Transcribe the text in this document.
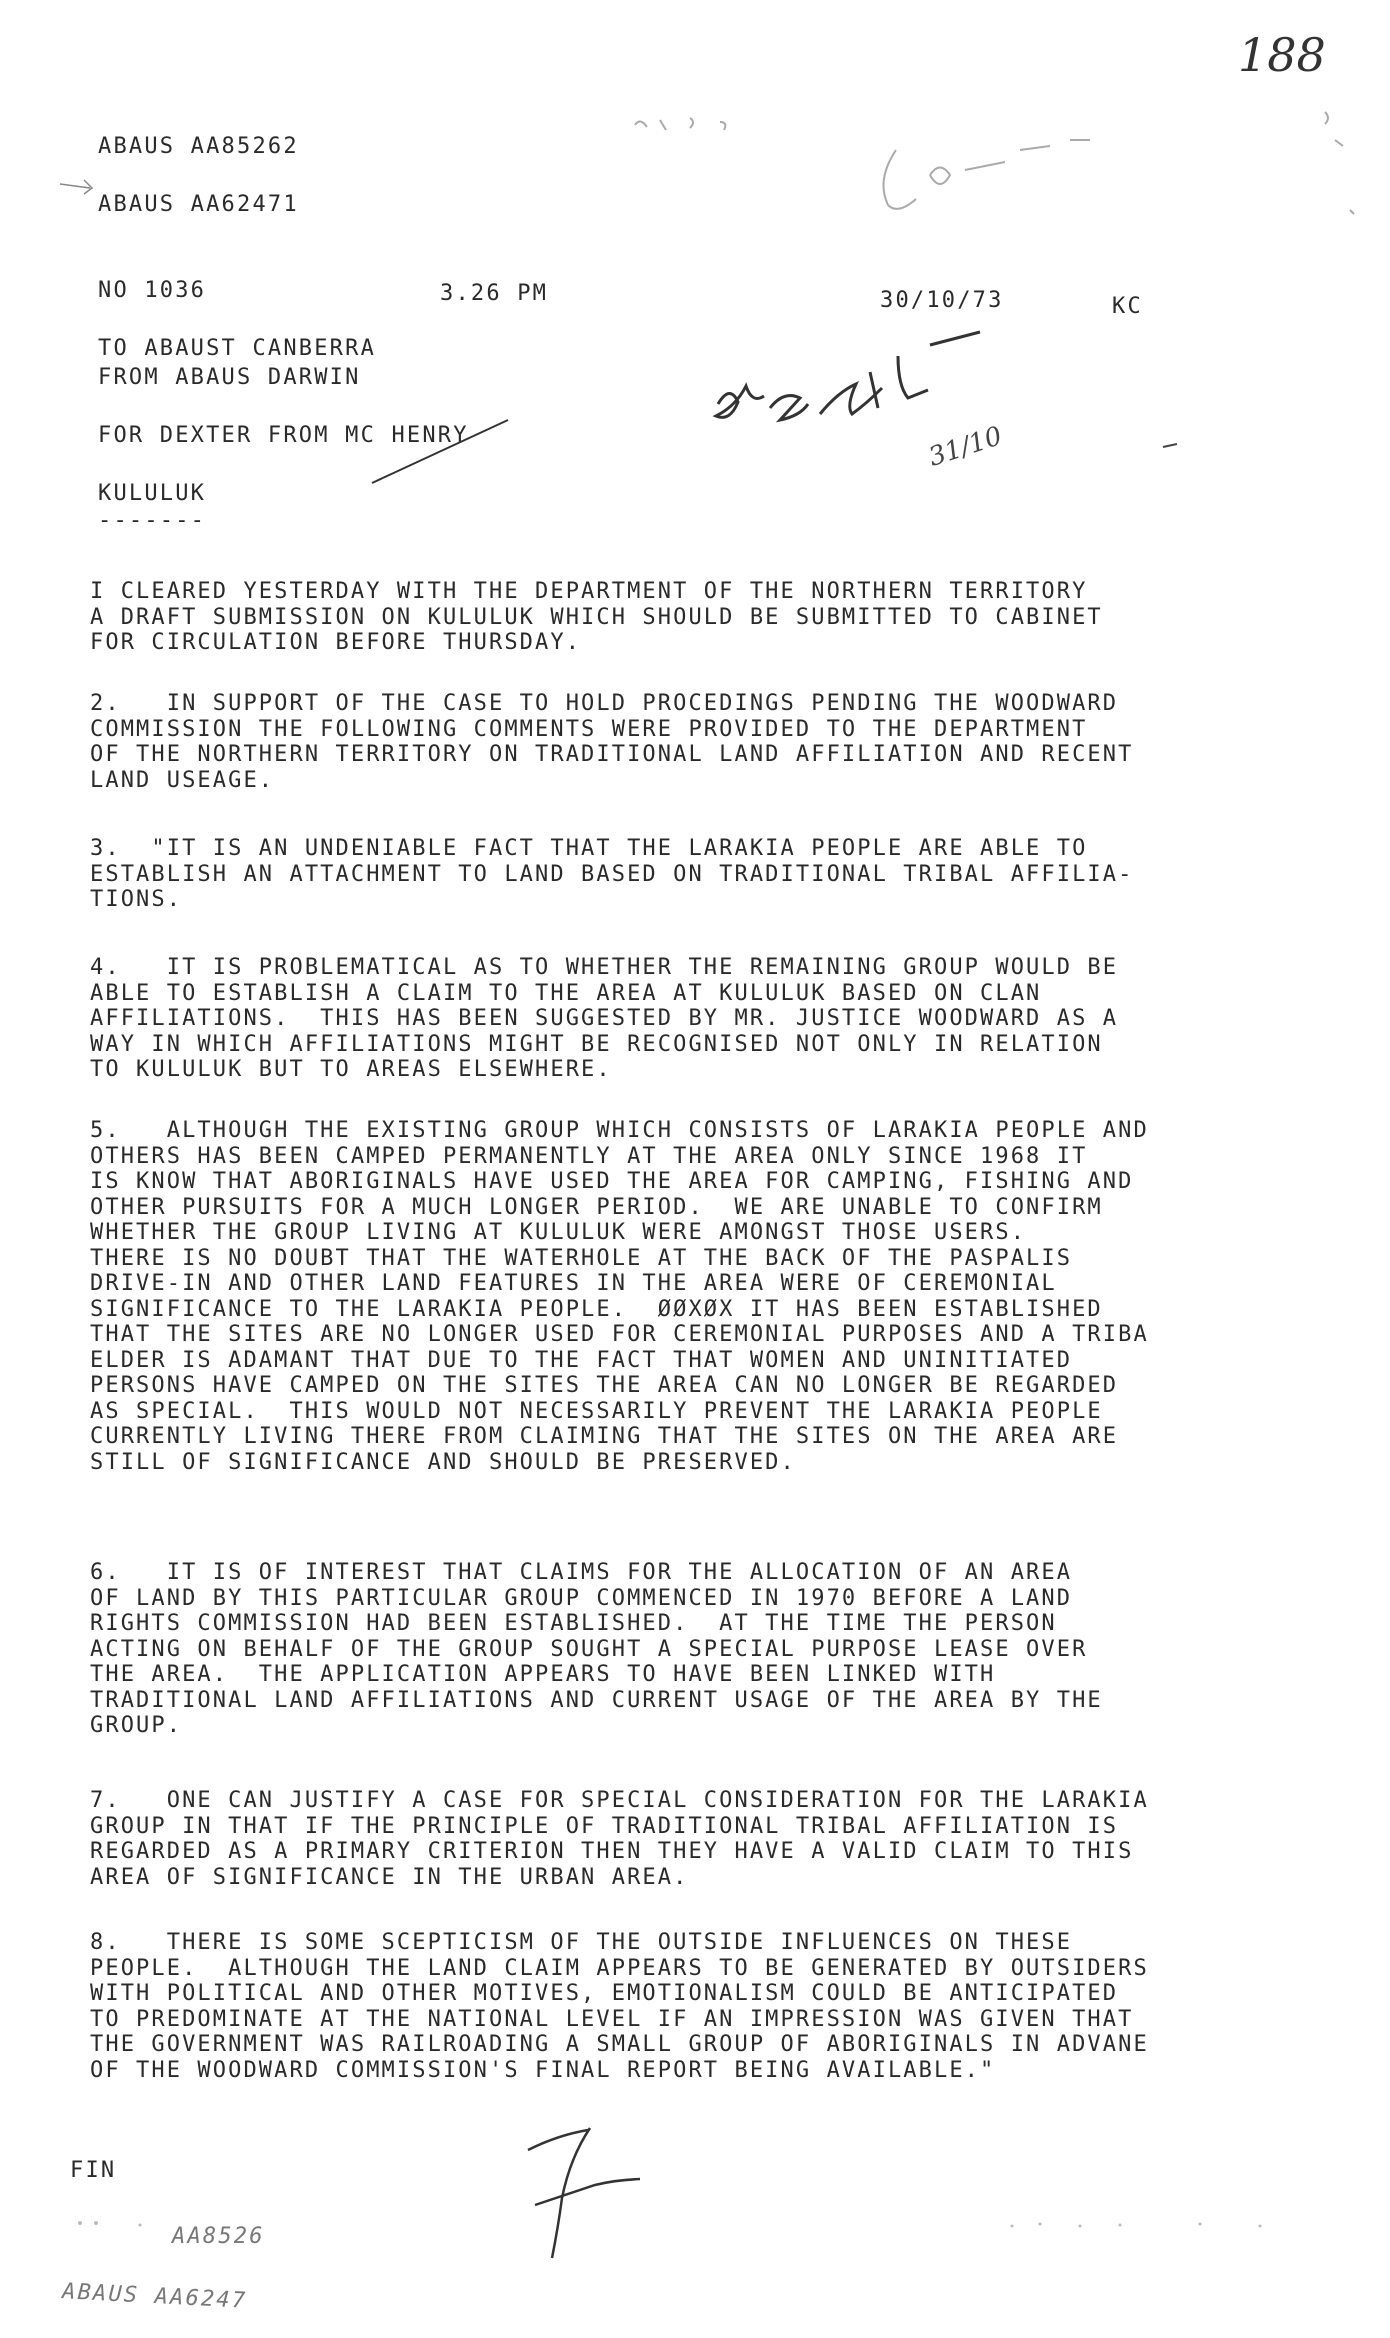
188
ABAUS AA85262
ABAUS AA62471
NO 1036	3.26 PM	30/10/73	KC
TO ABAUST CANBERRA
FROM ABAUS DARWIN
FOR DEXTER FROM MC HENRY
KULULUK
-------
31/10

I CLEARED YESTERDAY WITH THE DEPARTMENT OF THE NORTHERN TERRITORY
A DRAFT SUBMISSION ON KULULUK WHICH SHOULD BE SUBMITTED TO CABINET
FOR CIRCULATION BEFORE THURSDAY.

2.   IN SUPPORT OF THE CASE TO HOLD PROCEDINGS PENDING THE WOODWARD
COMMISSION THE FOLLOWING COMMENTS WERE PROVIDED TO THE DEPARTMENT
OF THE NORTHERN TERRITORY ON TRADITIONAL LAND AFFILIATION AND RECENT
LAND USEAGE.

3.  "IT IS AN UNDENIABLE FACT THAT THE LARAKIA PEOPLE ARE ABLE TO
ESTABLISH AN ATTACHMENT TO LAND BASED ON TRADITIONAL TRIBAL AFFILIA-
TIONS.

4.   IT IS PROBLEMATICAL AS TO WHETHER THE REMAINING GROUP WOULD BE
ABLE TO ESTABLISH A CLAIM TO THE AREA AT KULULUK BASED ON CLAN
AFFILIATIONS.  THIS HAS BEEN SUGGESTED BY MR. JUSTICE WOODWARD AS A
WAY IN WHICH AFFILIATIONS MIGHT BE RECOGNISED NOT ONLY IN RELATION
TO KULULUK BUT TO AREAS ELSEWHERE.

5.   ALTHOUGH THE EXISTING GROUP WHICH CONSISTS OF LARAKIA PEOPLE AND
OTHERS HAS BEEN CAMPED PERMANENTLY AT THE AREA ONLY SINCE 1968 IT
IS KNOW THAT ABORIGINALS HAVE USED THE AREA FOR CAMPING, FISHING AND
OTHER PURSUITS FOR A MUCH LONGER PERIOD.  WE ARE UNABLE TO CONFIRM
WHETHER THE GROUP LIVING AT KULULUK WERE AMONGST THOSE USERS.
THERE IS NO DOUBT THAT THE WATERHOLE AT THE BACK OF THE PASPALIS
DRIVE-IN AND OTHER LAND FEATURES IN THE AREA WERE OF CEREMONIAL
SIGNIFICANCE TO THE LARAKIA PEOPLE.  ØØXØX IT HAS BEEN ESTABLISHED
THAT THE SITES ARE NO LONGER USED FOR CEREMONIAL PURPOSES AND A TRIBA
ELDER IS ADAMANT THAT DUE TO THE FACT THAT WOMEN AND UNINITIATED
PERSONS HAVE CAMPED ON THE SITES THE AREA CAN NO LONGER BE REGARDED
AS SPECIAL.  THIS WOULD NOT NECESSARILY PREVENT THE LARAKIA PEOPLE
CURRENTLY LIVING THERE FROM CLAIMING THAT THE SITES ON THE AREA ARE
STILL OF SIGNIFICANCE AND SHOULD BE PRESERVED.

6.   IT IS OF INTEREST THAT CLAIMS FOR THE ALLOCATION OF AN AREA
OF LAND BY THIS PARTICULAR GROUP COMMENCED IN 1970 BEFORE A LAND
RIGHTS COMMISSION HAD BEEN ESTABLISHED.  AT THE TIME THE PERSON
ACTING ON BEHALF OF THE GROUP SOUGHT A SPECIAL PURPOSE LEASE OVER
THE AREA.  THE APPLICATION APPEARS TO HAVE BEEN LINKED WITH
TRADITIONAL LAND AFFILIATIONS AND CURRENT USAGE OF THE AREA BY THE
GROUP.

7.   ONE CAN JUSTIFY A CASE FOR SPECIAL CONSIDERATION FOR THE LARAKIA
GROUP IN THAT IF THE PRINCIPLE OF TRADITIONAL TRIBAL AFFILIATION IS
REGARDED AS A PRIMARY CRITERION THEN THEY HAVE A VALID CLAIM TO THIS
AREA OF SIGNIFICANCE IN THE URBAN AREA.

8.   THERE IS SOME SCEPTICISM OF THE OUTSIDE INFLUENCES ON THESE
PEOPLE.  ALTHOUGH THE LAND CLAIM APPEARS TO BE GENERATED BY OUTSIDERS
WITH POLITICAL AND OTHER MOTIVES, EMOTIONALISM COULD BE ANTICIPATED
TO PREDOMINATE AT THE NATIONAL LEVEL IF AN IMPRESSION WAS GIVEN THAT
THE GOVERNMENT WAS RAILROADING A SMALL GROUP OF ABORIGINALS IN ADVANE
OF THE WOODWARD COMMISSION'S FINAL REPORT BEING AVAILABLE."

FIN
AA8526
ABAUS AA6247
